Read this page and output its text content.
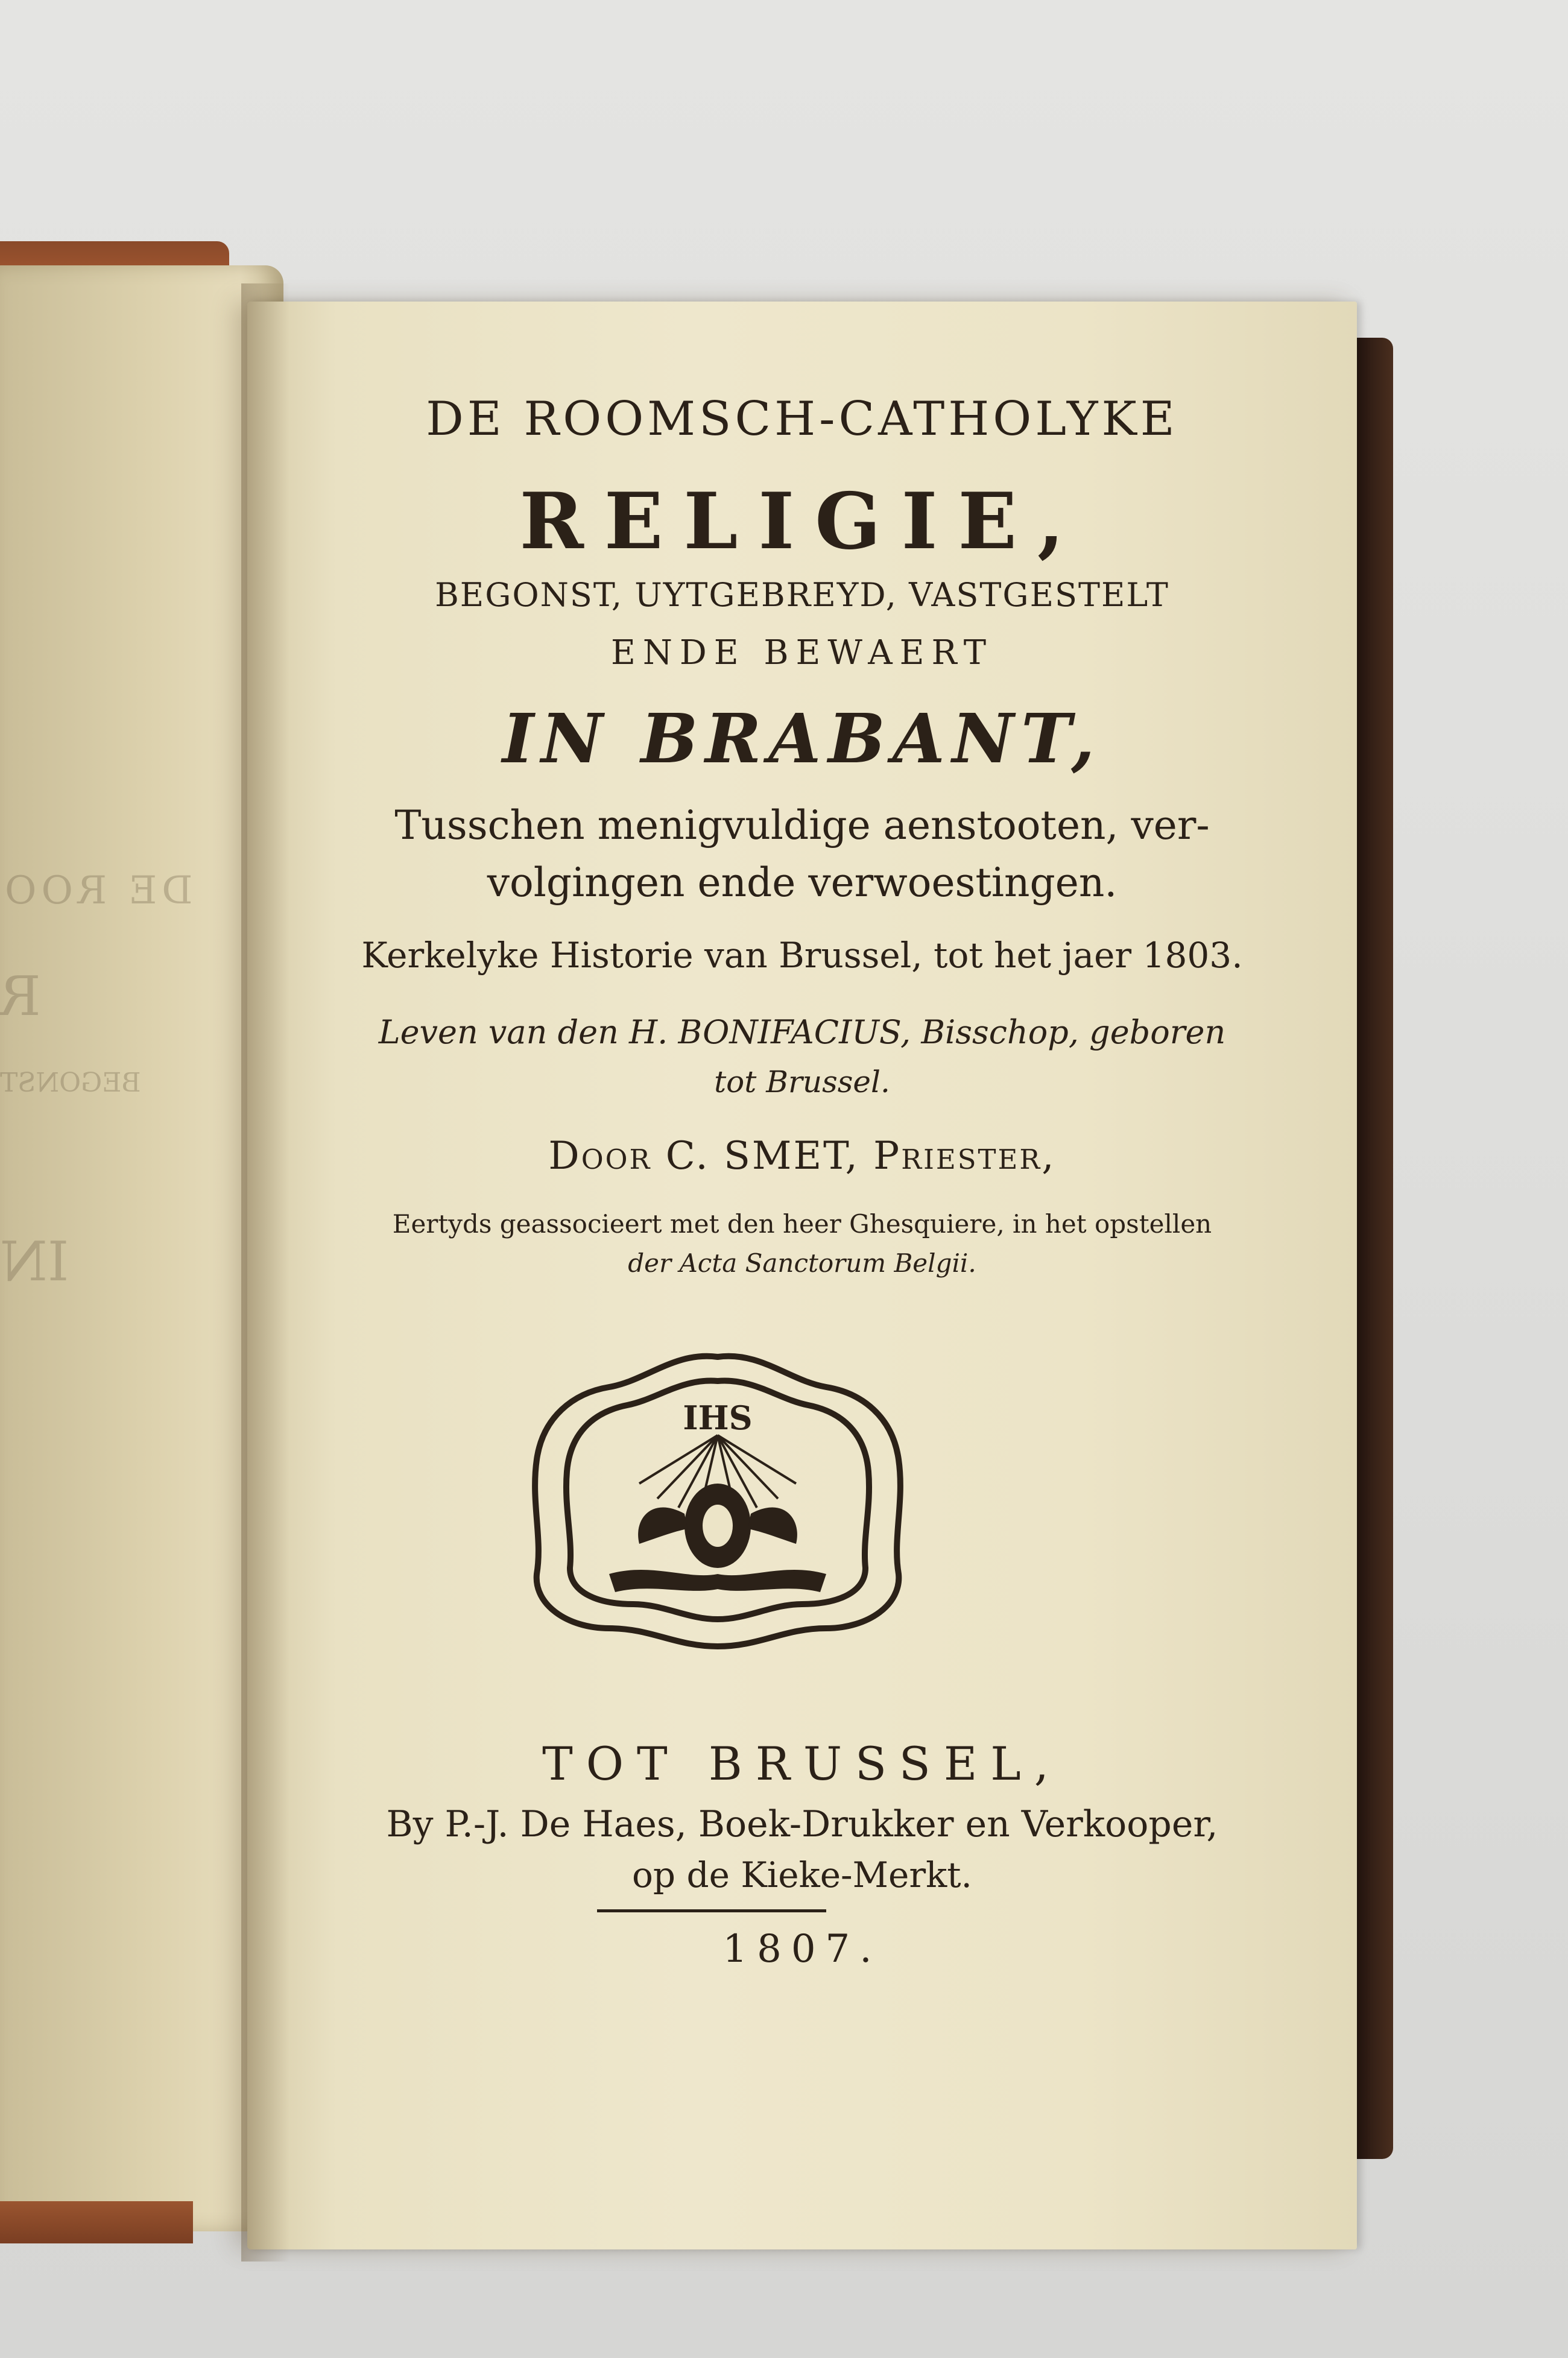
DE ROO
R
BEGONST
IN

DE ROOMSCH-CATHOLYKE

RELIGIE,

BEGONST, UYTGEBREYD, VASTGESTELT

ENDE BEWAERT

IN BRABANT,

Tusschen menigvuldige aenstooten, ver-

volgingen ende verwoestingen.

Kerkelyke Historie van Brussel, tot het jaer 1803.

Leven van den H. BONIFACIUS, Bisschop, geboren

tot Brussel.

Door C. SMET, Priester,

Eertyds geassocieert met den heer Ghesquiere, in het opstellen

der Acta Sanctorum Belgii.

IHS

TOT BRUSSEL,

By P.-J. De Haes, Boek-Drukker en Verkooper,

op de Kieke-Merkt.

1807.
